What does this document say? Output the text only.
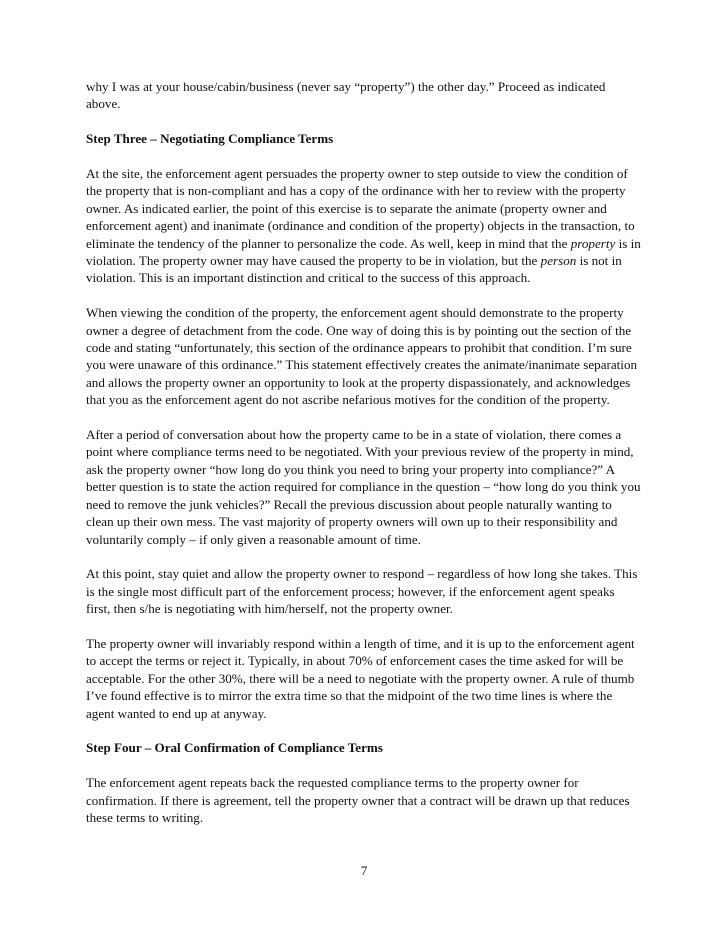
why I was at your house/cabin/business (never say “property”) the other day.” Proceed as indicated above.

Step Three – Negotiating Compliance Terms

At the site, the enforcement agent persuades the property owner to step outside to view the condition of the property that is non-compliant and has a copy of the ordinance with her to review with the property owner. As indicated earlier, the point of this exercise is to separate the animate (property owner and enforcement agent) and inanimate (ordinance and condition of the property) objects in the transaction, to eliminate the tendency of the planner to personalize the code. As well, keep in mind that the property is in violation. The property owner may have caused the property to be in violation, but the person is not in violation. This is an important distinction and critical to the success of this approach.

When viewing the condition of the property, the enforcement agent should demonstrate to the property owner a degree of detachment from the code. One way of doing this is by pointing out the section of the code and stating “unfortunately, this section of the ordinance appears to prohibit that condition. I’m sure you were unaware of this ordinance.” This statement effectively creates the animate/inanimate separation and allows the property owner an opportunity to look at the property dispassionately, and acknowledges that you as the enforcement agent do not ascribe nefarious motives for the condition of the property.

After a period of conversation about how the property came to be in a state of violation, there comes a point where compliance terms need to be negotiated. With your previous review of the property in mind, ask the property owner “how long do you think you need to bring your property into compliance?” A better question is to state the action required for compliance in the question – “how long do you think you need to remove the junk vehicles?” Recall the previous discussion about people naturally wanting to clean up their own mess. The vast majority of property owners will own up to their responsibility and voluntarily comply – if only given a reasonable amount of time.

At this point, stay quiet and allow the property owner to respond – regardless of how long she takes. This is the single most difficult part of the enforcement process; however, if the enforcement agent speaks first, then s/he is negotiating with him/herself, not the property owner.

The property owner will invariably respond within a length of time, and it is up to the enforcement agent to accept the terms or reject it. Typically, in about 70% of enforcement cases the time asked for will be acceptable. For the other 30%, there will be a need to negotiate with the property owner. A rule of thumb I’ve found effective is to mirror the extra time so that the midpoint of the two time lines is where the agent wanted to end up at anyway.

Step Four – Oral Confirmation of Compliance Terms

The enforcement agent repeats back the requested compliance terms to the property owner for confirmation. If there is agreement, tell the property owner that a contract will be drawn up that reduces these terms to writing.

7
